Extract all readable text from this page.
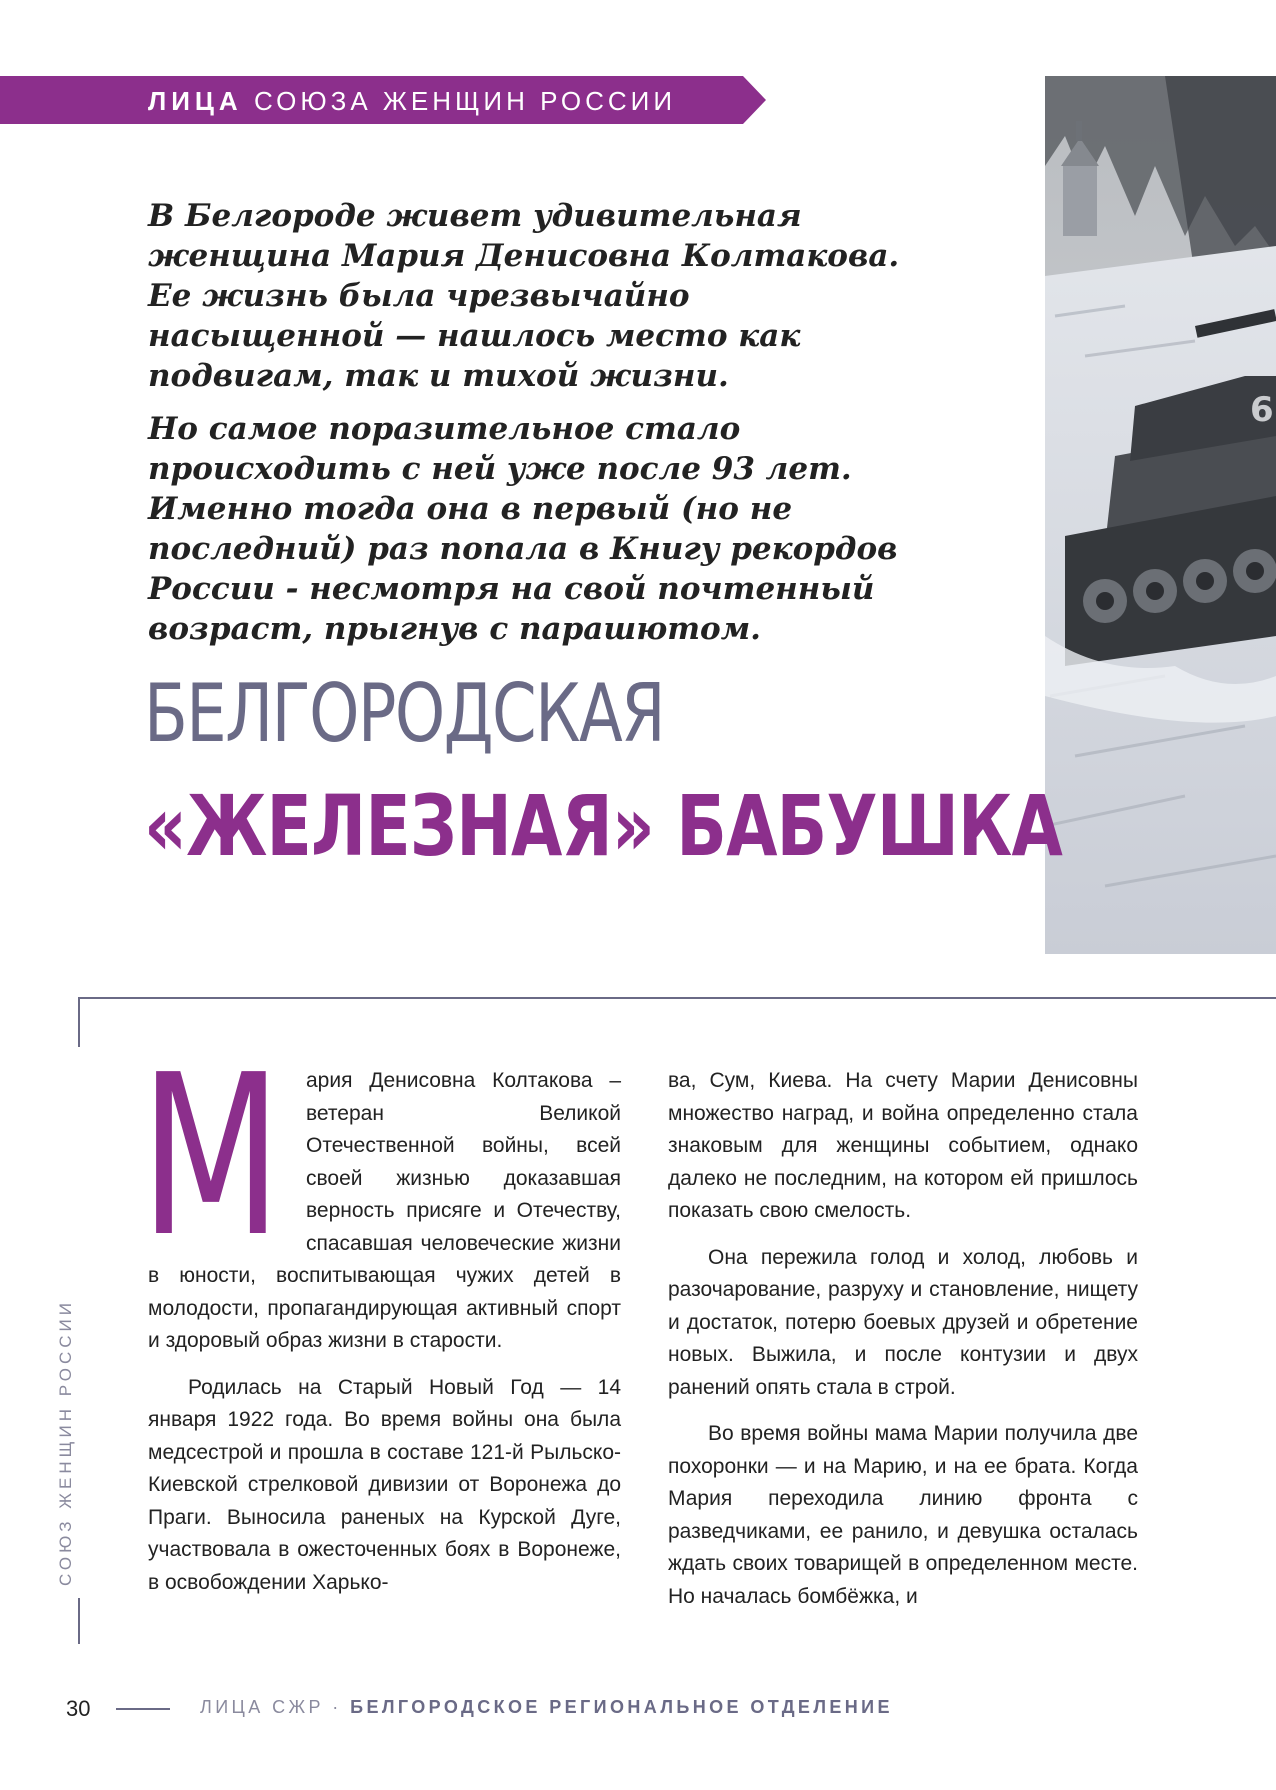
ЛИЦА СОЮЗА ЖЕНЩИН РОССИИ
6

В Белгороде живет удивительная женщина Мария Денисовна Колтакова. Ее жизнь была чрезвычайно насыщенной — нашлось место как подвигам, так и тихой жизни.

Но самое поразительное стало происходить с ней уже после 93 лет. Именно тогда она в первый (но не последний) раз попала в Книгу рекордов России - несмотря на свой почтенный возраст, прыгнув с парашютом.

БЕЛГОРОДСКАЯ
«ЖЕЛЕЗНАЯ» БАБУШКА
СОЮЗ ЖЕНЩИН РОССИИ

М ария Денисовна Колтакова – ветеран Великой Отечественной войны, всей своей жизнью доказавшая верность присяге и Отечеству, спасавшая человеческие жизни в юности, воспитывающая чужих детей в молодости, пропагандирующая активный спорт и здоровый образ жизни в старости.

Родилась на Старый Новый Год — 14 января 1922 года. Во время войны она была медсестрой и прошла в составе 121-й Рыльско-Киевской стрелковой дивизии от Воронежа до Праги. Выносила раненых на Курской Дуге, участвовала в ожесточенных боях в Воронеже, в освобождении Харько-

ва, Сум, Киева. На счету Марии Денисовны множество наград, и война определенно стала знаковым для женщины событием, однако далеко не последним, на котором ей пришлось показать свою смелость.

Она пережила голод и холод, любовь и разочарование, разруху и становление, нищету и достаток, потерю боевых друзей и обретение новых. Выжила, и после контузии и двух ранений опять стала в строй.

Во время войны мама Марии получила две похоронки — и на Марию, и на ее брата. Когда Мария переходила линию фронта с разведчиками, ее ранило, и девушка осталась ждать своих товарищей в определенном месте. Но началась бомбёжка, и

30	ЛИЦА СЖР · БЕЛГОРОДСКОЕ РЕГИОНАЛЬНОЕ ОТДЕЛЕНИЕ
